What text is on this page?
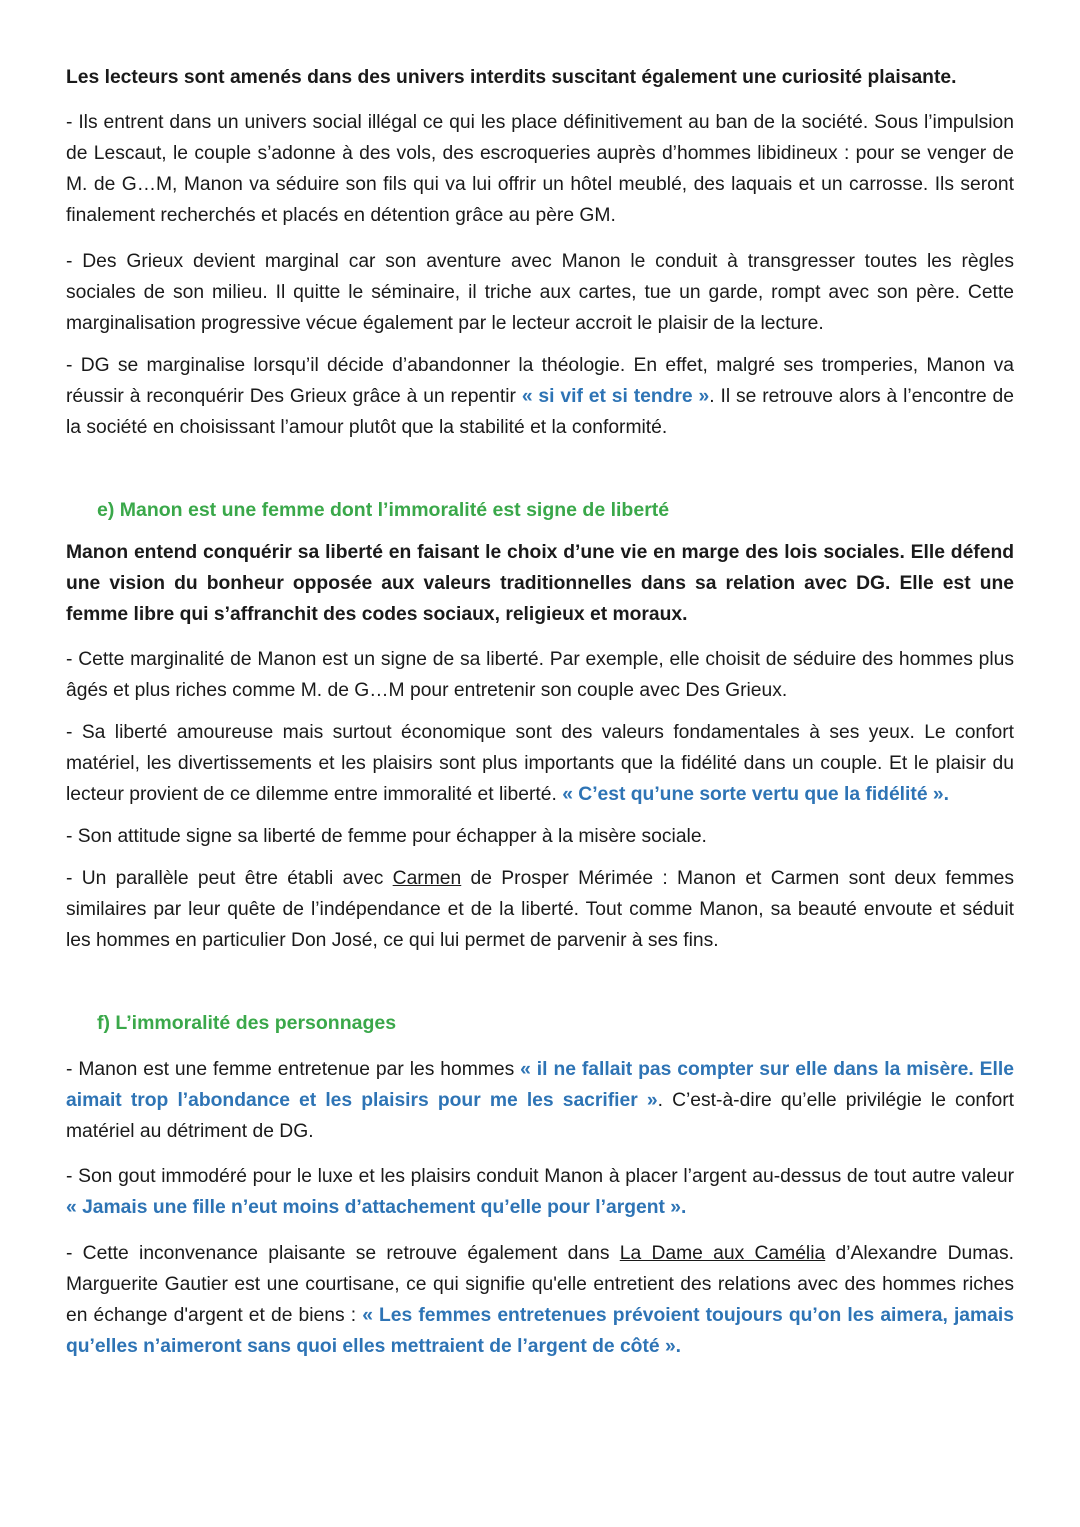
Les lecteurs sont amenés dans des univers interdits suscitant également une curiosité plaisante.

- Ils entrent dans un univers social illégal ce qui les place définitivement au ban de la société. Sous l’impulsion de Lescaut, le couple s’adonne à des vols, des escroqueries auprès d’hommes libidineux : pour se venger de M. de G…M, Manon va séduire son fils qui va lui offrir un hôtel meublé, des laquais et un carrosse. Ils seront finalement recherchés et placés en détention grâce au père GM.

- Des Grieux devient marginal car son aventure avec Manon le conduit à transgresser toutes les règles sociales de son milieu. Il quitte le séminaire, il triche aux cartes, tue un garde, rompt avec son père. Cette marginalisation progressive vécue également par le lecteur accroit le plaisir de la lecture.

- DG se marginalise lorsqu’il décide d’abandonner la théologie. En effet, malgré ses tromperies, Manon va réussir à reconquérir Des Grieux grâce à un repentir « si vif et si tendre ». Il se retrouve alors à l’encontre de la société en choisissant l’amour plutôt que la stabilité et la conformité.

e) Manon est une femme dont l’immoralité est signe de liberté

Manon entend conquérir sa liberté en faisant le choix d’une vie en marge des lois sociales. Elle défend une vision du bonheur opposée aux valeurs traditionnelles dans sa relation avec DG. Elle est une femme libre qui s’affranchit des codes sociaux, religieux et moraux.

- Cette marginalité de Manon est un signe de sa liberté. Par exemple, elle choisit de séduire des hommes plus âgés et plus riches comme M. de G…M pour entretenir son couple avec Des Grieux.

- Sa liberté amoureuse mais surtout économique sont des valeurs fondamentales à ses yeux. Le confort matériel, les divertissements et les plaisirs sont plus importants que la fidélité dans un couple. Et le plaisir du lecteur provient de ce dilemme entre immoralité et liberté. « C’est qu’une sorte vertu que la fidélité ».

- Son attitude signe sa liberté de femme pour échapper à la misère sociale.

- Un parallèle peut être établi avec Carmen de Prosper Mérimée : Manon et Carmen sont deux femmes similaires par leur quête de l’indépendance et de la liberté. Tout comme Manon, sa beauté envoute et séduit les hommes en particulier Don José, ce qui lui permet de parvenir à ses fins.

f) L’immoralité des personnages

- Manon est une femme entretenue par les hommes « il ne fallait pas compter sur elle dans la misère. Elle aimait trop l’abondance et les plaisirs pour me les sacrifier ». C’est-à-dire qu’elle privilégie le confort matériel au détriment de DG.

- Son gout immodéré pour le luxe et les plaisirs conduit Manon à placer l’argent au-dessus de tout autre valeur « Jamais une fille n’eut moins d’attachement qu’elle pour l’argent ».

- Cette inconvenance plaisante se retrouve également dans La Dame aux Camélia d’Alexandre Dumas. Marguerite Gautier est une courtisane, ce qui signifie qu'elle entretient des relations avec des hommes riches en échange d'argent et de biens : « Les femmes entretenues prévoient toujours qu’on les aimera, jamais qu’elles n’aimeront sans quoi elles mettraient de l’argent de côté ».
